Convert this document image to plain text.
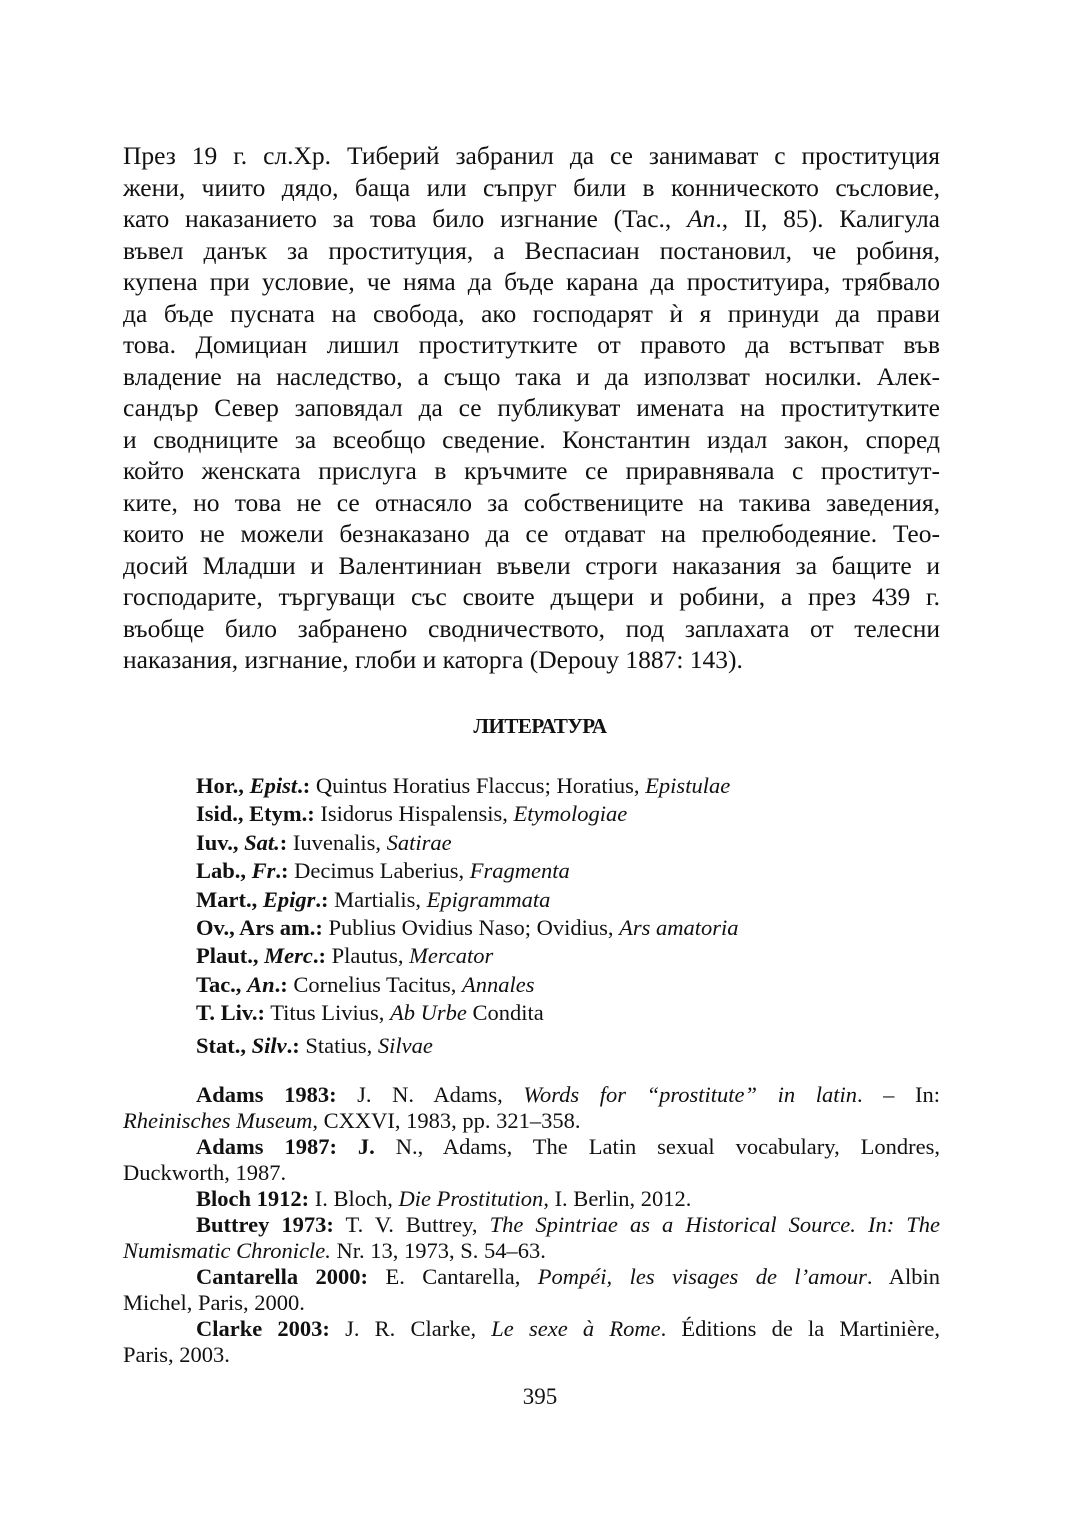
През 19 г. сл.Хр. Тиберий забранил да се занимават с проституция
жени, чиито дядо, баща или съпруг били в конническото съсловие,
като наказанието за това било изгнание (Tac., An., II, 85). Калигула
въвел данък за проституция, а Веспасиан постановил, че робиня,
купена при условие, че няма да бъде карана да проституира, трябвало
да бъде пусната на свобода, ако господарят ѝ я принуди да прави
това. Домициан лишил проститутките от правото да встъпват във
владение на наследство, а също така и да използват носилки. Алек-
сандър Север заповядал да се публикуват имената на проститутките
и сводниците за всеобщо сведение. Константин издал закон, според
който женската прислуга в кръчмите се приравнявала с проститут-
ките, но това не се отнасяло за собствениците на такива заведения,
които не можели безнаказано да се отдават на прелюбодеяние. Тео-
досий Младши и Валентиниан въвели строги наказания за бащите и
господарите, търгуващи със своите дъщери и робини, а през 439 г.
въобще било забранено сводничеството, под заплахата от телесни
наказания, изгнание, глоби и каторга (Depouy 1887: 143).
ЛИТЕРАТУРА
Hor., Epist.: Quintus Horatius Flaccus; Horatius, Epistulae
Isid., Etym.: Isidorus Hispalensis, Etymologiae
Iuv., Sat.: Iuvenalis, Satirae
Lab., Fr.: Decimus Laberius, Fragmenta
Mart., Epigr.: Martialis, Epigrammata
Ov., Ars am.: Publius Ovidius Naso; Ovidius, Ars amatoria
Plaut., Merc.: Plautus, Mercator
Tac., An.: Cornelius Tacitus, Annales
T. Liv.: Titus Livius, Ab Urbe Condita
Stat., Silv.: Statius, Silvae
Adams 1983: J. N. Adams, Words for “prostitute” in latin. – In:
Rheinisches Museum, CXXVI, 1983, pp. 321–358.
Adams 1987: J. N., Adams, The Latin sexual vocabulary, Londres,
Duckworth, 1987.
Bloch 1912: I. Bloch, Die Prostitution, I. Berlin, 2012.
Buttrey 1973: T. V. Buttrey, The Spintriae as a Historical Source. In: The
Numismatic Chronicle. Nr. 13, 1973, S. 54–63.
Cantarella 2000: E. Cantarella, Pompéi, les visages de l’amour. Albin
Michel, Paris, 2000.
Clarke 2003: J. R. Clarke, Le sexe à Rome. Éditions de la Martinière,
Paris, 2003.
395
